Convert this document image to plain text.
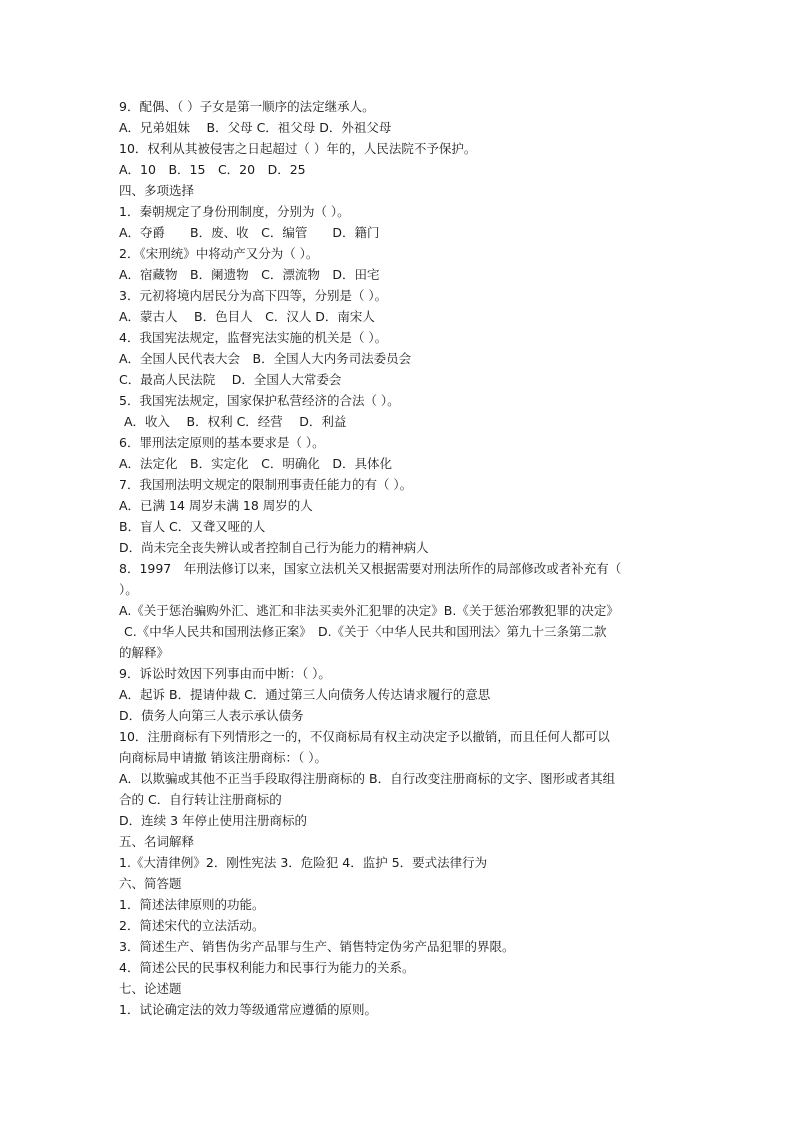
9．配偶、（ ）子女是第一顺序的法定继承人。
A．兄弟姐妹　 B．父母 C．祖父母 D．外祖父母
10．权利从其被侵害之日起超过（ ）年的，人民法院不予保护。
A．10　B．15　C．20　D．25
四、多项选择
1．秦朝规定了身份刑制度，分别为（ ）。
A．夺爵　　B．废、收　C．编管　　D．籍门
2．《宋刑统》中将动产又分为（ ）。
A．宿藏物　B．阑遗物　C．漂流物　D．田宅
3．元初将境内居民分为高下四等，分别是（ ）。
A．蒙古人　 B．色目人　C．汉人 D．南宋人
4．我国宪法规定，监督宪法实施的机关是（ ）。
A．全国人民代表大会　B．全国人大内务司法委员会
C．最高人民法院　 D．全国人大常委会
5．我国宪法规定，国家保护私营经济的合法（ ）。
A．收入　 B．权利 C．经营　 D．利益
6．罪刑法定原则的基本要求是（ ）。
A．法定化　B．实定化　C．明确化　D．具体化
7．我国刑法明文规定的限制刑事责任能力的有（ ）。
A．已满 14 周岁未满 18 周岁的人
B．盲人 C．又聋又哑的人
D．尚未完全丧失辨认或者控制自己行为能力的精神病人
8．1997　年刑法修订以来，国家立法机关又根据需要对刑法所作的局部修改或者补充有（
）。
A.《关于惩治骗购外汇、逃汇和非法买卖外汇犯罪的决定》B.《关于惩治邪教犯罪的决定》
C.《中华人民共和国刑法修正案》　D.《关于〈中华人民共和国刑法〉第九十三条第二款
的解释》
9．诉讼时效因下列事由而中断：（ ）。
A．起诉 B．提请仲裁 C．通过第三人向债务人传达请求履行的意思
D．债务人向第三人表示承认债务
10．注册商标有下列情形之一的，不仅商标局有权主动决定予以撤销，而且任何人都可以
向商标局申请撤 销该注册商标：（ ）。
A．以欺骗或其他不正当手段取得注册商标的 B．自行改变注册商标的文字、图形或者其组
合的 C．自行转让注册商标的
D．连续 3 年停止使用注册商标的
五、名词解释
1.《大清律例》2．刚性宪法 3．危险犯 4．监护 5．要式法律行为
六、简答题
1．简述法律原则的功能。
2．简述宋代的立法活动。
3．简述生产、销售伪劣产品罪与生产、销售特定伪劣产品犯罪的界限。
4．简述公民的民事权利能力和民事行为能力的关系。
七、论述题
1．试论确定法的效力等级通常应遵循的原则。
